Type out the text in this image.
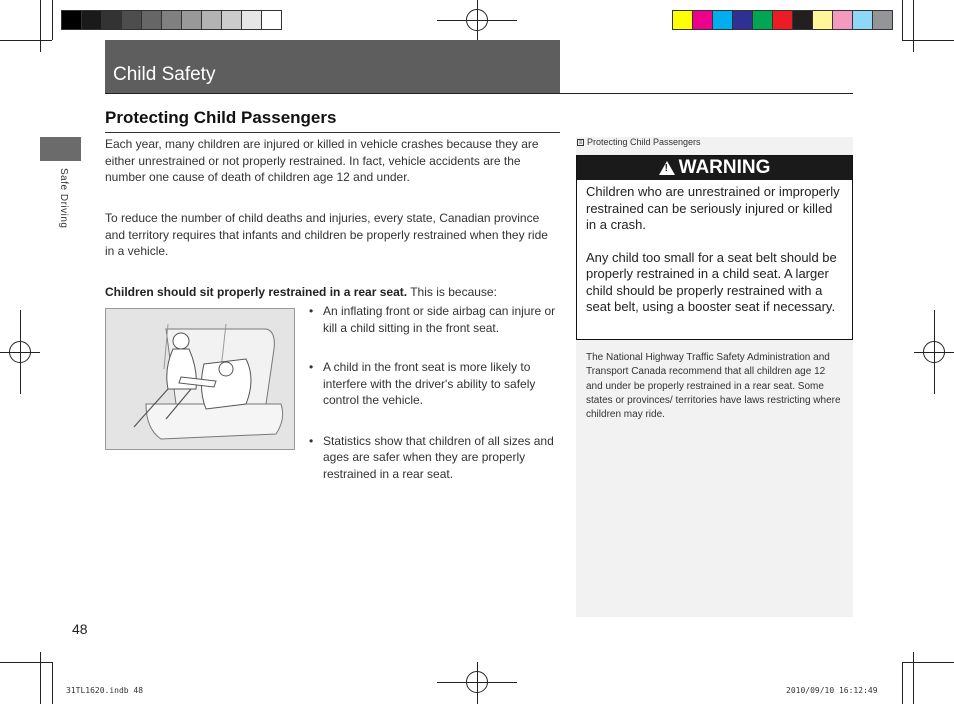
Child Safety
Safe Driving
Protecting Child Passengers
Each year, many children are injured or killed in vehicle crashes because they are either unrestrained or not properly restrained. In fact, vehicle accidents are the number one cause of death of children age 12 and under.
To reduce the number of child deaths and injuries, every state, Canadian province and territory requires that infants and children be properly restrained when they ride in a vehicle.
Children should sit properly restrained in a rear seat. This is because:
• An inflating front or side airbag can injure or kill a child sitting in the front seat.
• A child in the front seat is more likely to interfere with the driver's ability to safely control the vehicle.
• Statistics show that children of all sizes and ages are safer when they are properly restrained in a rear seat.
≡ Protecting Child Passengers
! WARNING
Children who are unrestrained or improperly restrained can be seriously injured or killed in a crash.
Any child too small for a seat belt should be properly restrained in a child seat. A larger child should be properly restrained with a seat belt, using a booster seat if necessary.
The National Highway Traffic Safety Administration and Transport Canada recommend that all children age 12 and under be properly restrained in a rear seat. Some states or provinces/ territories have laws restricting where children may ride.
48
31TL1620.indb 48	2010/09/10 16:12:49
